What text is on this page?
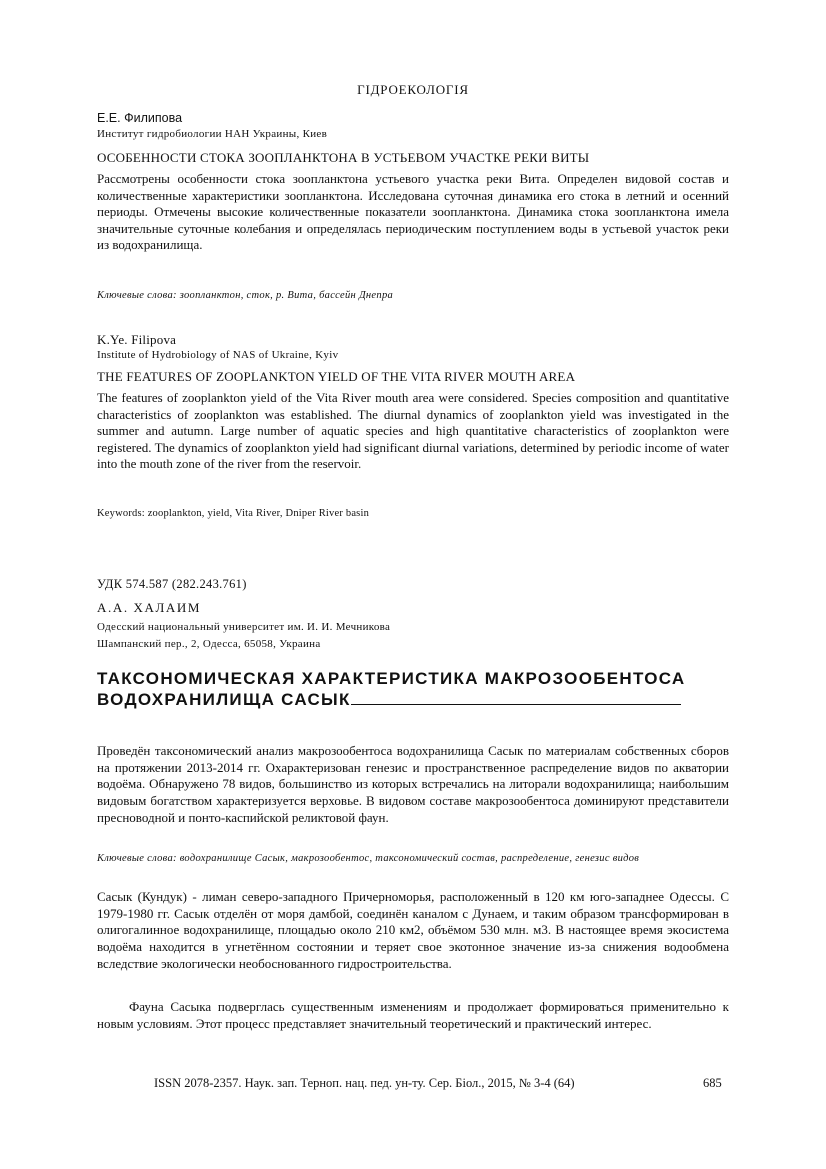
ГІДРОЕКОЛОГІЯ
Е.Е. Филипова
Институт гидробиологии НАН Украины, Киев
ОСОБЕННОСТИ СТОКА ЗООПЛАНКТОНА В УСТЬЕВОМ УЧАСТКЕ РЕКИ ВИТЫ
Рассмотрены особенности стока зоопланктона устьевого участка реки Вита. Определен видовой состав и количественные характеристики зоопланктона. Исследована суточная динамика его стока в летний и осенний периоды. Отмечены высокие количественные показатели зоопланктона. Динамика стока зоопланктона имела значительные суточные колебания и определялась периодическим поступлением воды в устьевой участок реки из водохранилища.
Ключевые слова: зоопланктон, сток, р. Вита, бассейн Днепра
K.Ye. Filipova
Institute of Hydrobiology of NAS of Ukraine, Kyiv
THE FEATURES OF ZOOPLANKTON YIELD OF THE VITA RIVER MOUTH AREA
The features of zooplankton yield of the Vita River mouth area were considered. Species composition and quantitative characteristics of zooplankton was established. The diurnal dynamics of zooplankton yield was investigated in the summer and autumn. Large number of aquatic species and high quantitative characteristics of zooplankton were registered. The dynamics of zooplankton yield had significant diurnal variations, determined by periodic income of water into the mouth zone of the river from the reservoir.
Keywords: zooplankton, yield, Vita River, Dniper River basin
УДК 574.587 (282.243.761)
А.А. ХАЛАИМ
Одесский национальный университет им. И. И. Мечникова
Шампанский пер., 2, Одесса, 65058, Украина
ТАКСОНОМИЧЕСКАЯ ХАРАКТЕРИСТИКА МАКРОЗООБЕНТОСА
ВОДОХРАНИЛИЩА САСЫК
Проведён таксономический анализ макрозообентоса водохранилища Сасык по материалам собственных сборов на протяжении 2013-2014 гг. Охарактеризован генезис и пространственное распределение видов по акватории водоёма. Обнаружено 78 видов, большинство из которых встречались на литорали водохранилища; наибольшим видовым богатством характеризуется верховье. В видовом составе макрозообентоса доминируют представители пресноводной и понто-каспийской реликтовой фаун.
Ключевые слова: водохранилище Сасык, макрозообентос, таксономический состав, распределение, генезис видов
Сасык (Кундук) - лиман северо-западного Причерноморья, расположенный в 120 км юго-западнее Одессы. С 1979-1980 гг. Сасык отделён от моря дамбой, соединён каналом с Дунаем, и таким образом трансформирован в олигогалинное водохранилище, площадью около 210 км2, объёмом 530 млн. м3. В настоящее время экосистема водоёма находится в угнетённом состоянии и теряет свое экотонное значение из-за снижения водообмена вследствие экологически необоснованного гидростроительства.
Фауна Сасыка подверглась существенным изменениям и продолжает формироваться применительно к новым условиям. Этот процесс представляет значительный теоретический и практический интерес.
ISSN 2078-2357. Наук. зап. Терноп. нац. пед. ун-ту. Сер. Біол., 2015, № 3-4 (64)	685
